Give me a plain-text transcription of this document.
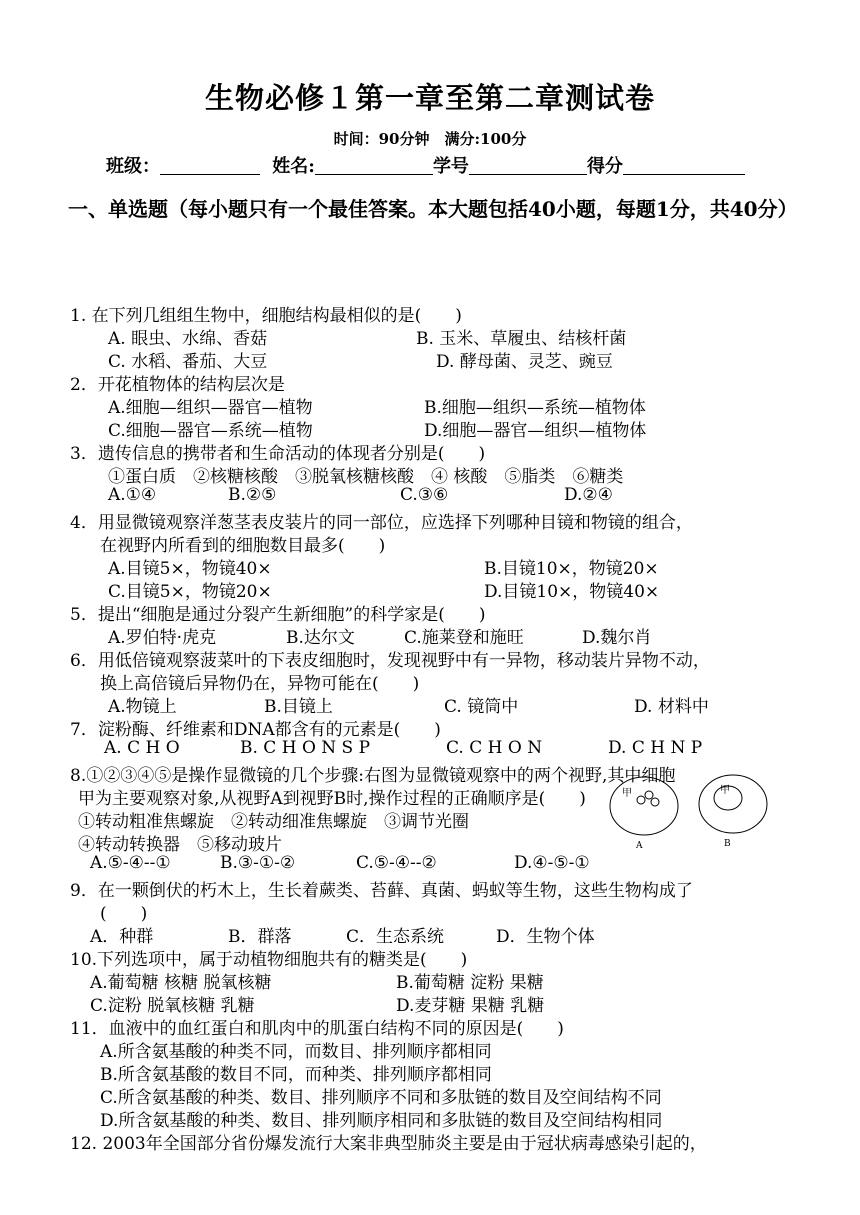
生物必修１第一章至第二章测试卷
时间：90分钟　满分:100分
班级：	姓名:	学号	得分
一、单选题（每小题只有一个最佳答案。本大题包括40小题，每题1分，共40分）
1. 在下列几组组生物中，细胞结构最相似的是(　　)
A. 眼虫、水绵、香菇	B. 玉米、草履虫、结核杆菌
C. 水稻、番茄、大豆	D. 酵母菌、灵芝、豌豆
2．开花植物体的结构层次是
A.细胞—组织—器官—植物	B.细胞—组织—系统—植物体
C.细胞—器官—系统—植物	D.细胞—器官—组织—植物体
3．遗传信息的携带者和生命活动的体现者分别是(　　)
①蛋白质　②核糖核酸　③脱氧核糖核酸　④ 核酸　⑤脂类　⑥糖类
A.①④	B.②⑤	C.③⑥	D.②④
4．用显微镜观察洋葱茎表皮装片的同一部位，应选择下列哪种目镜和物镜的组合，
在视野内所看到的细胞数目最多(　　)
A.目镜5×，物镜40×	B.目镜10×，物镜20×
C.目镜5×，物镜20×	D.目镜10×，物镜40×
5．提出“细胞是通过分裂产生新细胞”的科学家是(　　)
A.罗伯特·虎克	B.达尔文	C.施莱登和施旺	D.魏尔肖
6．用低倍镜观察菠菜叶的下表皮细胞时，发现视野中有一异物，移动装片异物不动，
换上高倍镜后异物仍在，异物可能在(　　)
A.物镜上	B.目镜上	C. 镜筒中	D. 材料中
7．淀粉酶、纤维素和DNA都含有的元素是(　　)
A. C H O	B. C H O N S P	C. C H O N	D. C H N P
8.①②③④⑤是操作显微镜的几个步骤:右图为显微镜观察中的两个视野,其中细胞
甲为主要观察对象,从视野A到视野B时,操作过程的正确顺序是(　　)
①转动粗准焦螺旋　②转动细准焦螺旋　③调节光圈
④转动转换器　⑤移动玻片
A.⑤-④--①	B.③-①-②	C.⑤-④--②	D.④-⑤-①
甲
A
甲
B
9．在一颗倒伏的朽木上，生长着蕨类、苔藓、真菌、蚂蚁等生物，这些生物构成了
(　　)
A．种群	B．群落	C．生态系统	D．生物个体
10.下列选项中，属于动植物细胞共有的糖类是(　　)
A.葡萄糖 核糖 脱氧核糖	B.葡萄糖 淀粉 果糖
C.淀粉 脱氧核糖 乳糖	D.麦芽糖 果糖 乳糖
11．血液中的血红蛋白和肌肉中的肌蛋白结构不同的原因是(　　)
A.所含氨基酸的种类不同，而数目、排列顺序都相同
B.所含氨基酸的数目不同，而种类、排列顺序都相同
C.所含氨基酸的种类、数目、排列顺序不同和多肽链的数目及空间结构不同
D.所含氨基酸的种类、数目、排列顺序相同和多肽链的数目及空间结构相同
12. 2003年全国部分省份爆发流行大案非典型肺炎主要是由于冠状病毒感染引起的，
